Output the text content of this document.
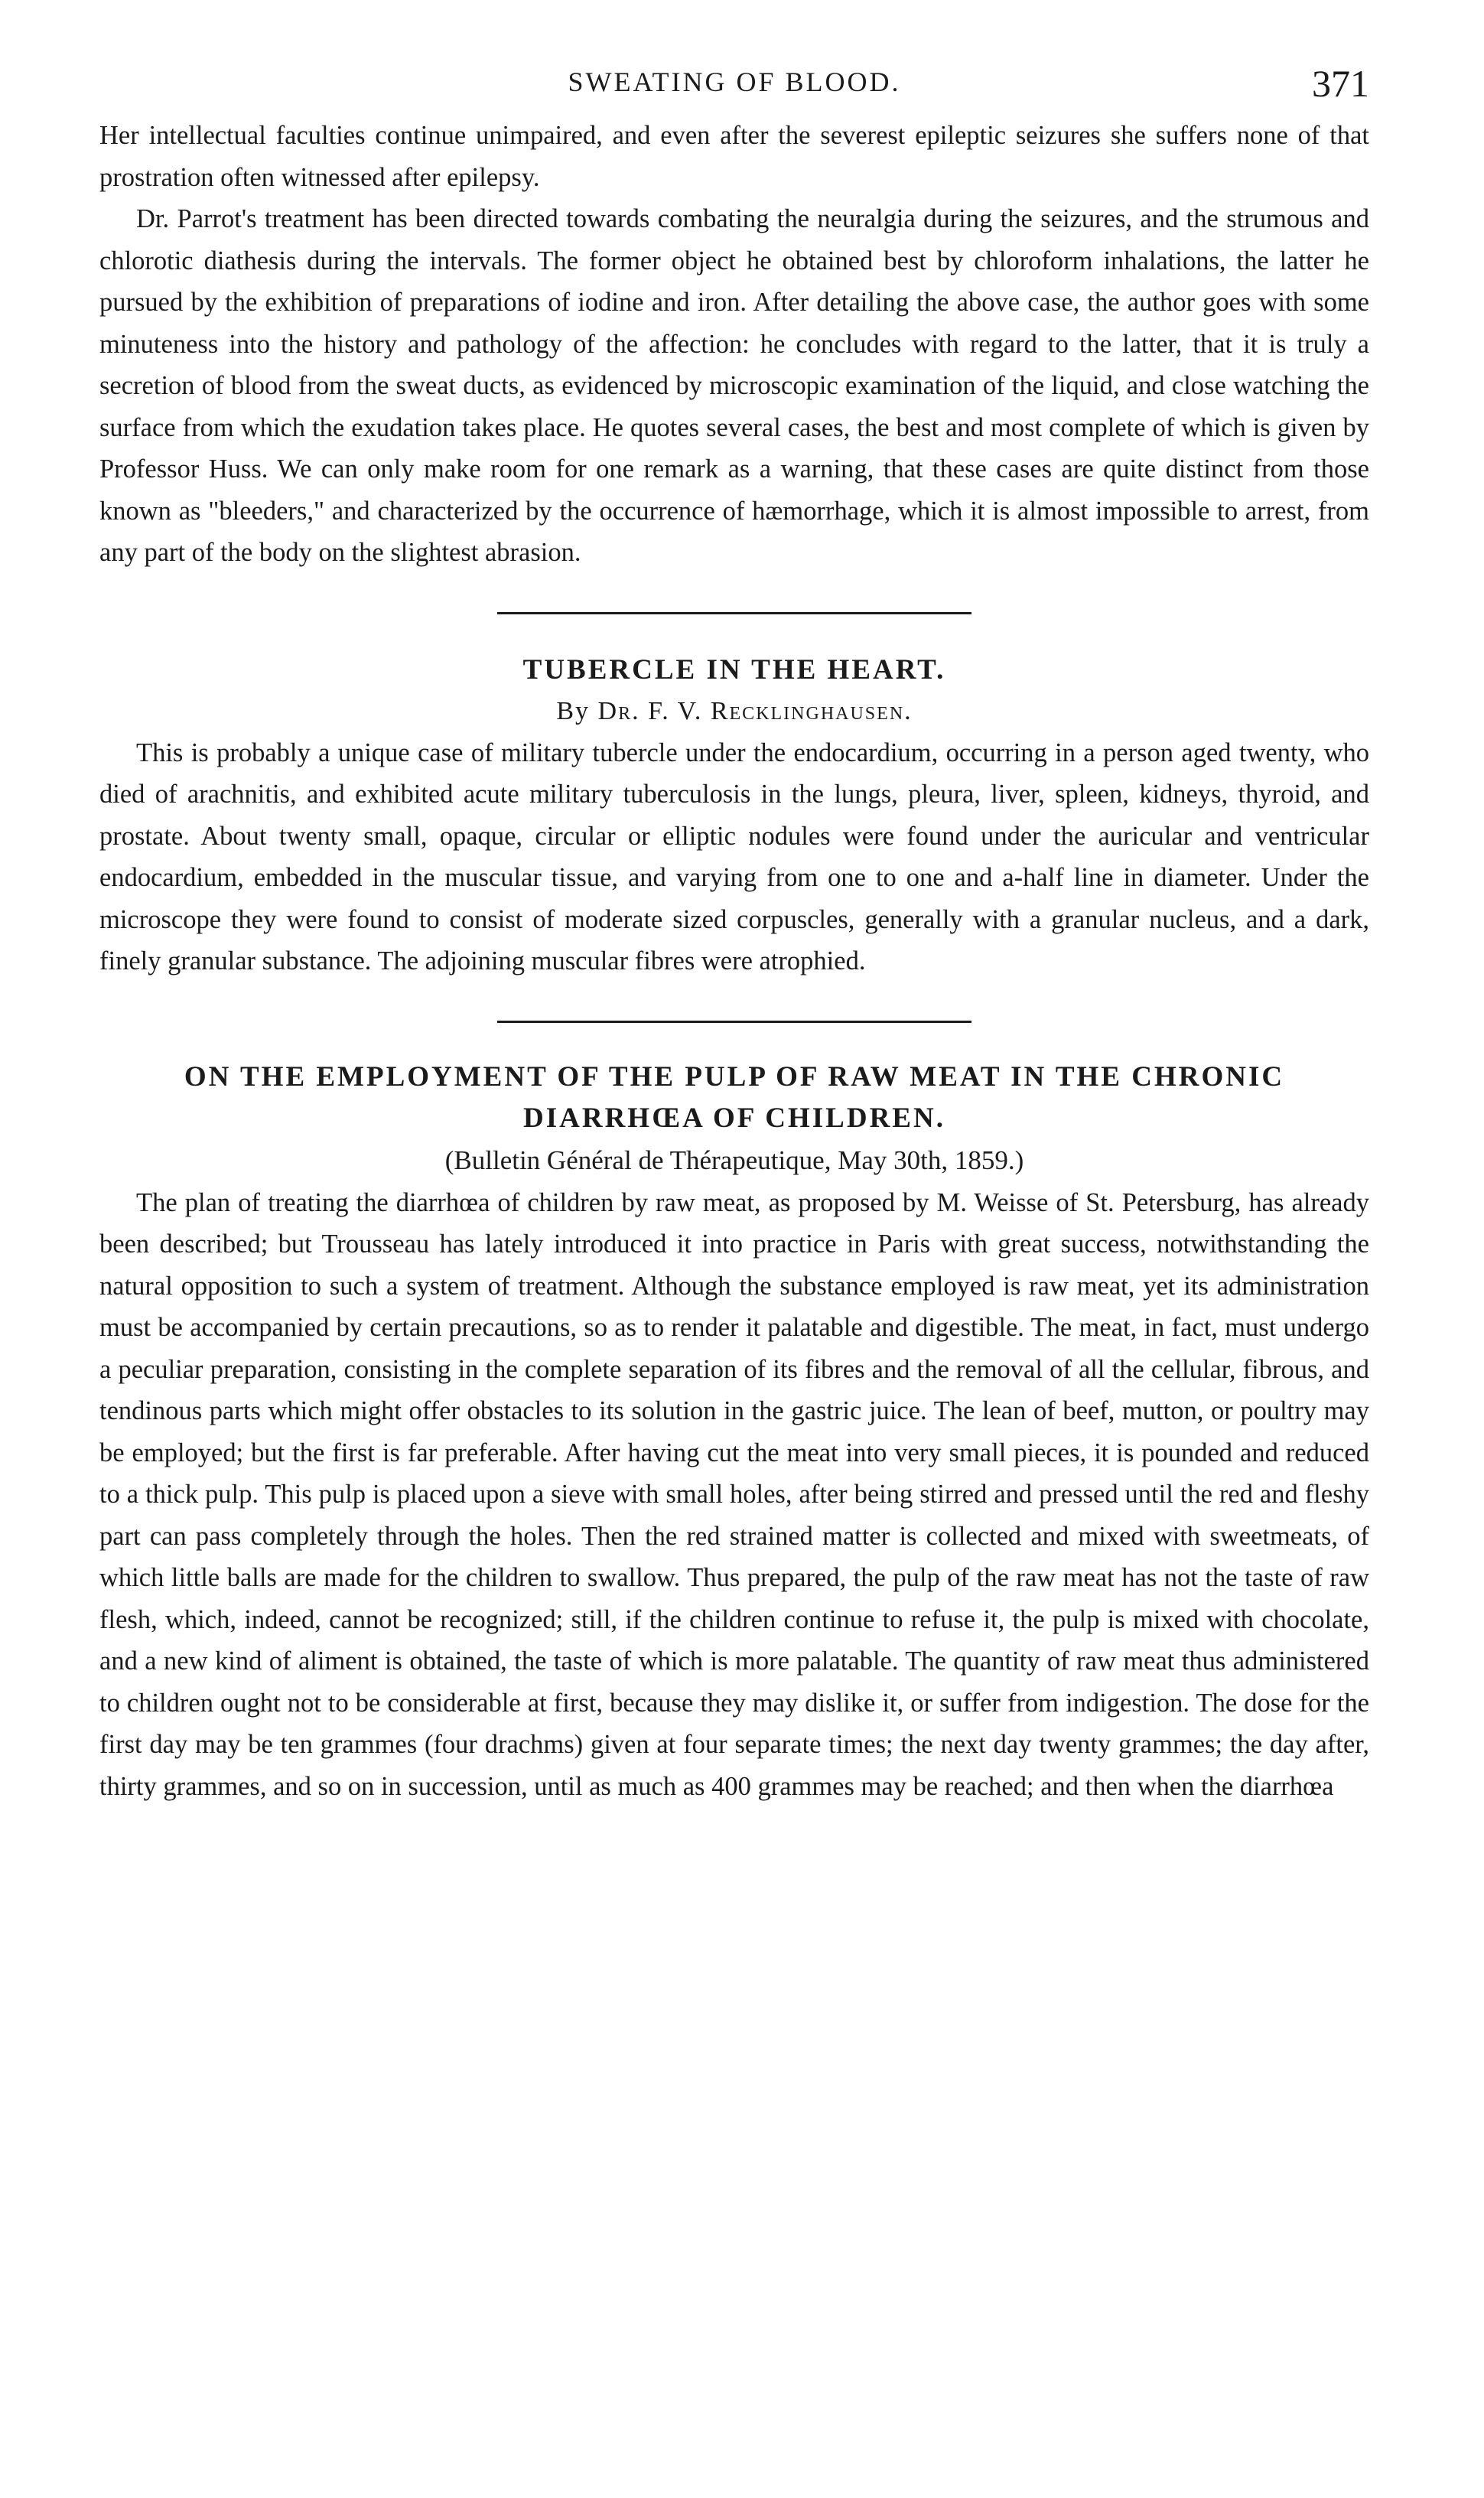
SWEATING OF BLOOD.	371

Her intellectual faculties continue unimpaired, and even after the severest epileptic seizures she suffers none of that prostration often witnessed after epilepsy.

Dr. Parrot's treatment has been directed towards combating the neuralgia during the seizures, and the strumous and chlorotic diathesis during the intervals. The former object he obtained best by chloroform inhalations, the latter he pursued by the exhibition of preparations of iodine and iron. After detailing the above case, the author goes with some minuteness into the history and pathology of the affection: he concludes with regard to the latter, that it is truly a secretion of blood from the sweat ducts, as evidenced by microscopic examination of the liquid, and close watching the surface from which the exudation takes place. He quotes several cases, the best and most complete of which is given by Professor Huss. We can only make room for one remark as a warning, that these cases are quite distinct from those known as "bleeders," and characterized by the occurrence of hæmorrhage, which it is almost impossible to arrest, from any part of the body on the slightest abrasion.

TUBERCLE IN THE HEART.
By Dr. F. V. Recklinghausen.

This is probably a unique case of military tubercle under the endocardium, occurring in a person aged twenty, who died of arachnitis, and exhibited acute military tuberculosis in the lungs, pleura, liver, spleen, kidneys, thyroid, and prostate. About twenty small, opaque, circular or elliptic nodules were found under the auricular and ventricular endocardium, embedded in the muscular tissue, and varying from one to one and a-half line in diameter. Under the microscope they were found to consist of moderate sized corpuscles, generally with a granular nucleus, and a dark, finely granular substance. The adjoining muscular fibres were atrophied.

ON THE EMPLOYMENT OF THE PULP OF RAW MEAT IN THE CHRONIC
DIARRHŒA OF CHILDREN.
(Bulletin Général de Thérapeutique, May 30th, 1859.)

The plan of treating the diarrhœa of children by raw meat, as proposed by M. Weisse of St. Petersburg, has already been described; but Trousseau has lately introduced it into practice in Paris with great success, notwithstanding the natural opposition to such a system of treatment. Although the substance employed is raw meat, yet its administration must be accompanied by certain precautions, so as to render it palatable and digestible. The meat, in fact, must undergo a peculiar preparation, consisting in the complete separation of its fibres and the removal of all the cellular, fibrous, and tendinous parts which might offer obstacles to its solution in the gastric juice. The lean of beef, mutton, or poultry may be employed; but the first is far preferable. After having cut the meat into very small pieces, it is pounded and reduced to a thick pulp. This pulp is placed upon a sieve with small holes, after being stirred and pressed until the red and fleshy part can pass completely through the holes. Then the red strained matter is collected and mixed with sweetmeats, of which little balls are made for the children to swallow. Thus prepared, the pulp of the raw meat has not the taste of raw flesh, which, indeed, cannot be recognized; still, if the children continue to refuse it, the pulp is mixed with chocolate, and a new kind of aliment is obtained, the taste of which is more palatable. The quantity of raw meat thus administered to children ought not to be considerable at first, because they may dislike it, or suffer from indigestion. The dose for the first day may be ten grammes (four drachms) given at four separate times; the next day twenty grammes; the day after, thirty grammes, and so on in succession, until as much as 400 grammes may be reached; and then when the diarrhœa
